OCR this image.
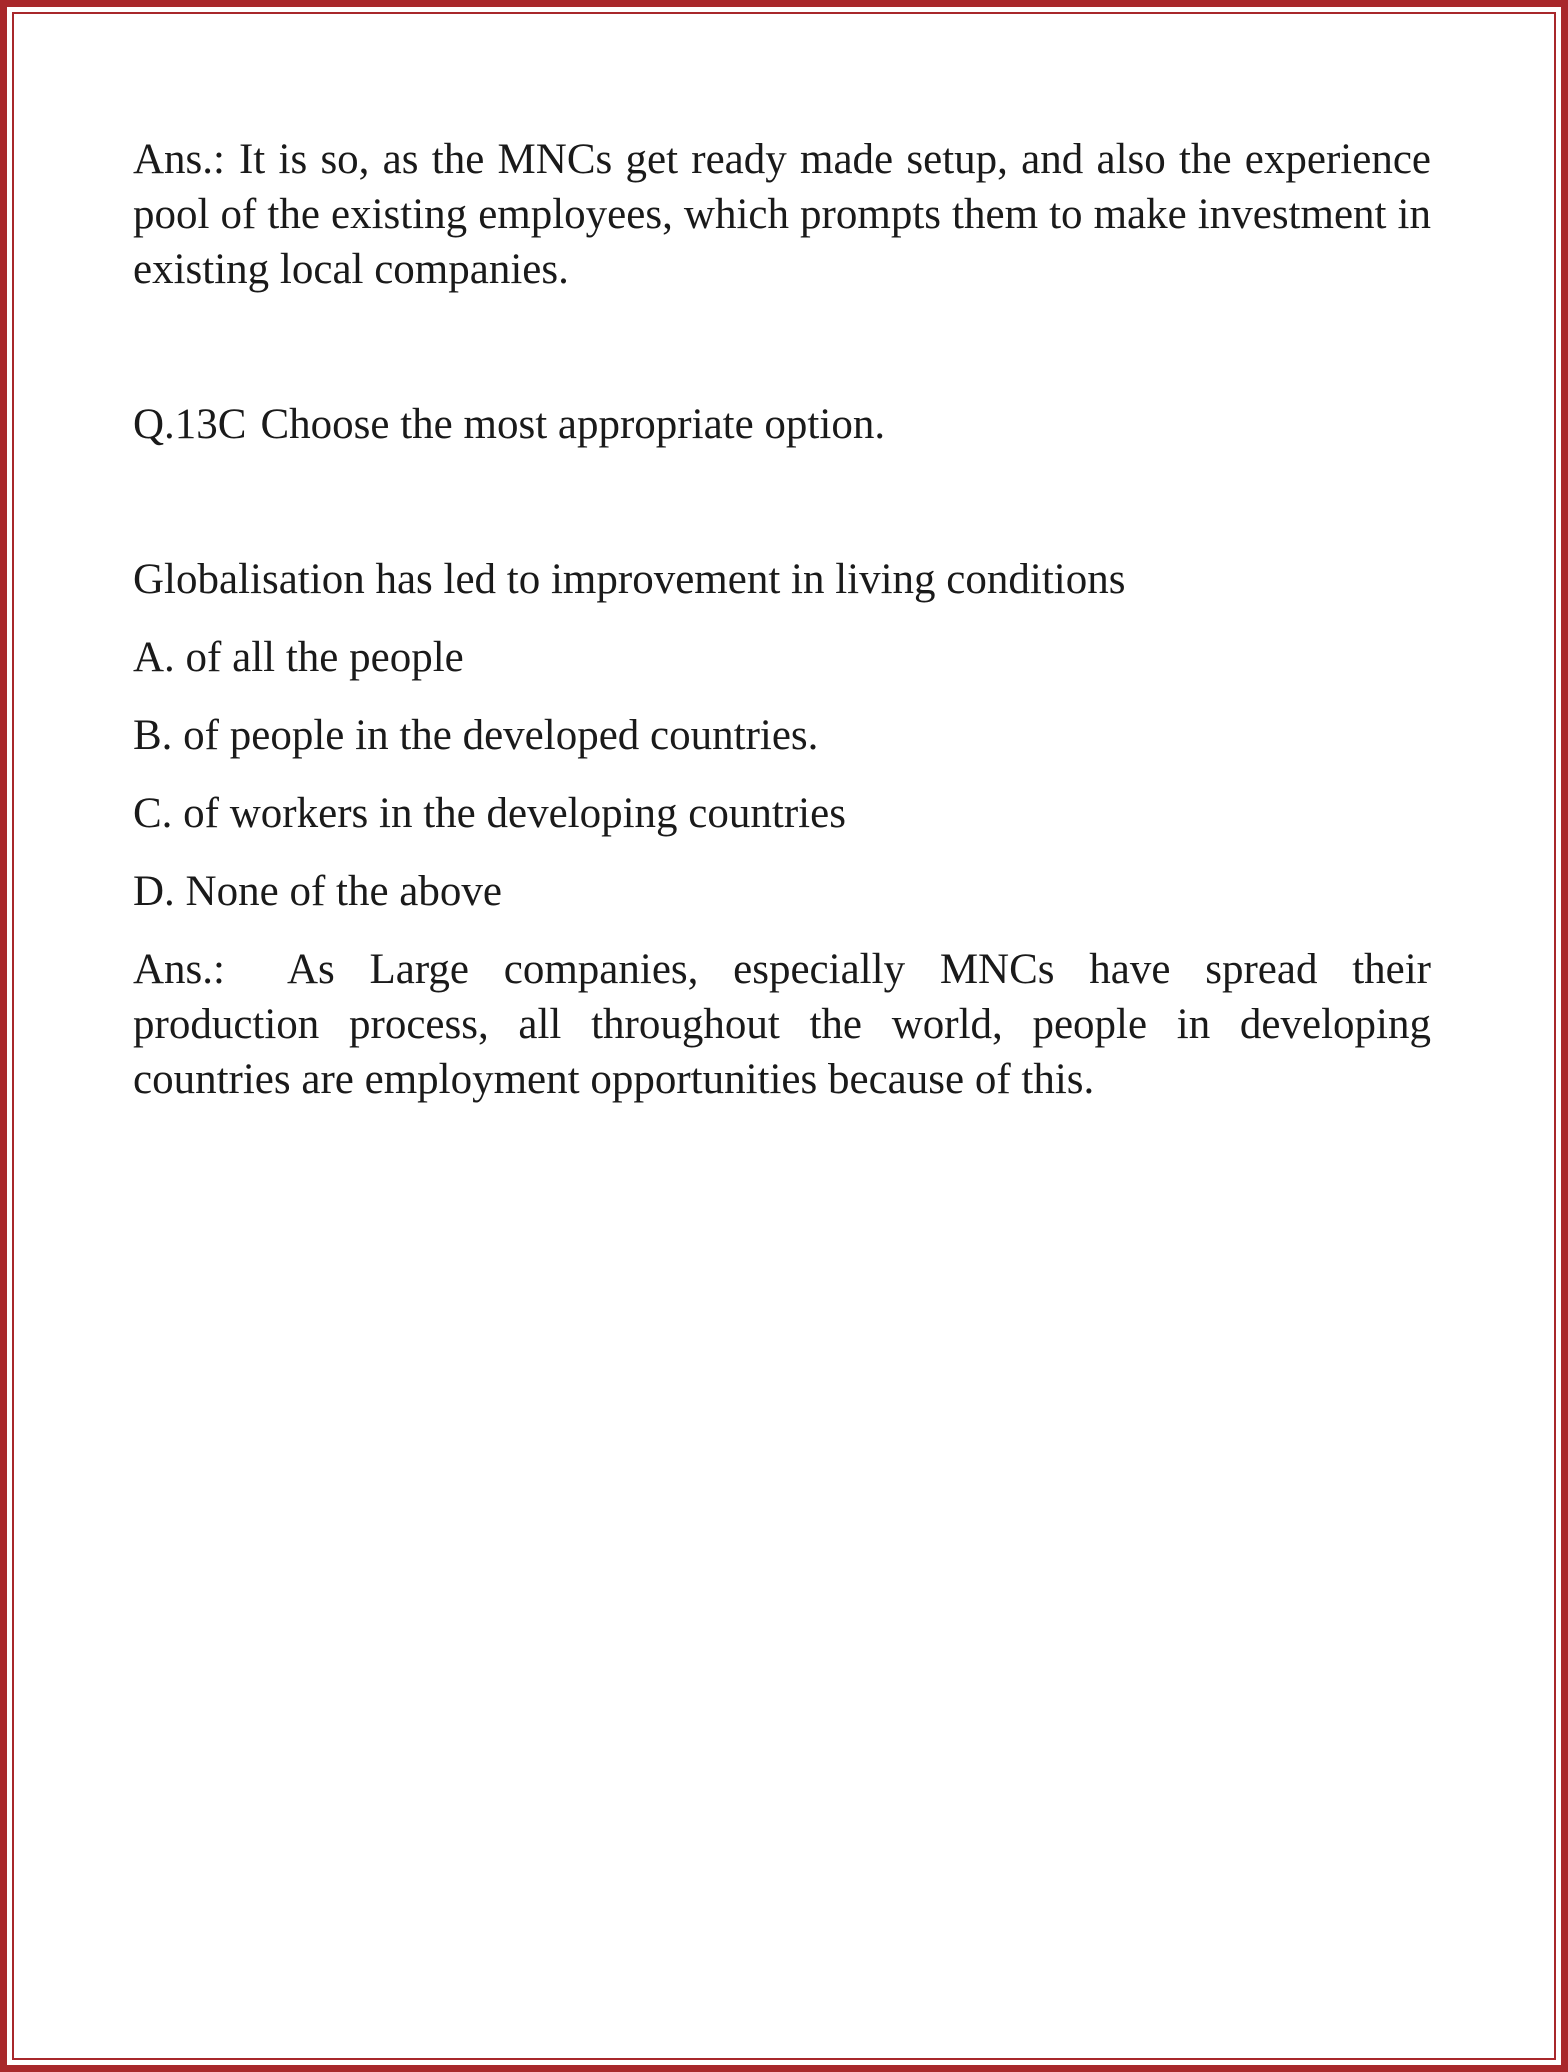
Ans.: It is so, as the MNCs get ready made setup, and also the experience pool of the existing employees, which prompts them to make investment in existing local companies.

Q.13C Choose the most appropriate option.

Globalisation has led to improvement in living conditions

A. of all the people

B. of people in the developed countries.

C. of workers in the developing countries

D. None of the above

Ans.: As Large companies, especially MNCs have spread their production process, all throughout the world, people in developing countries are employment opportunities because of this.
